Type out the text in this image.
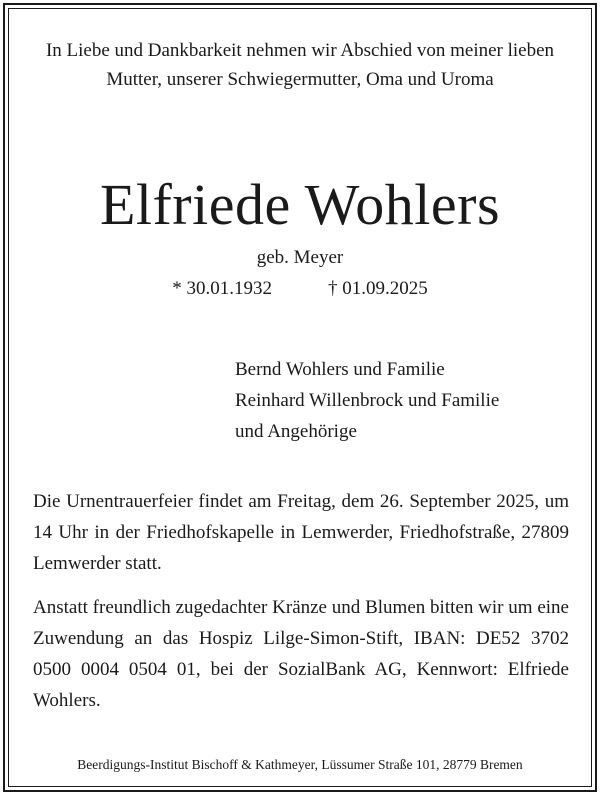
In Liebe und Dankbarkeit nehmen wir Abschied von meiner lieben Mutter, unserer Schwiegermutter, Oma und Uroma
Elfriede Wohlers
geb. Meyer
* 30.01.1932	† 01.09.2025
Bernd Wohlers und Familie
Reinhard Willenbrock und Familie
und Angehörige
Die Urnentrauerfeier findet am Freitag, dem 26. September 2025, um 14 Uhr in der Friedhofskapelle in Lemwerder, Friedhofstraße, 27809 Lemwerder statt.
Anstatt freundlich zugedachter Kränze und Blumen bitten wir um eine Zuwendung an das Hospiz Lilge-Simon-Stift, IBAN: DE52 3702 0500 0004 0504 01, bei der SozialBank AG, Kennwort: Elfriede Wohlers.
Beerdigungs-Institut Bischoff & Kathmeyer, Lüssumer Straße 101, 28779 Bremen
